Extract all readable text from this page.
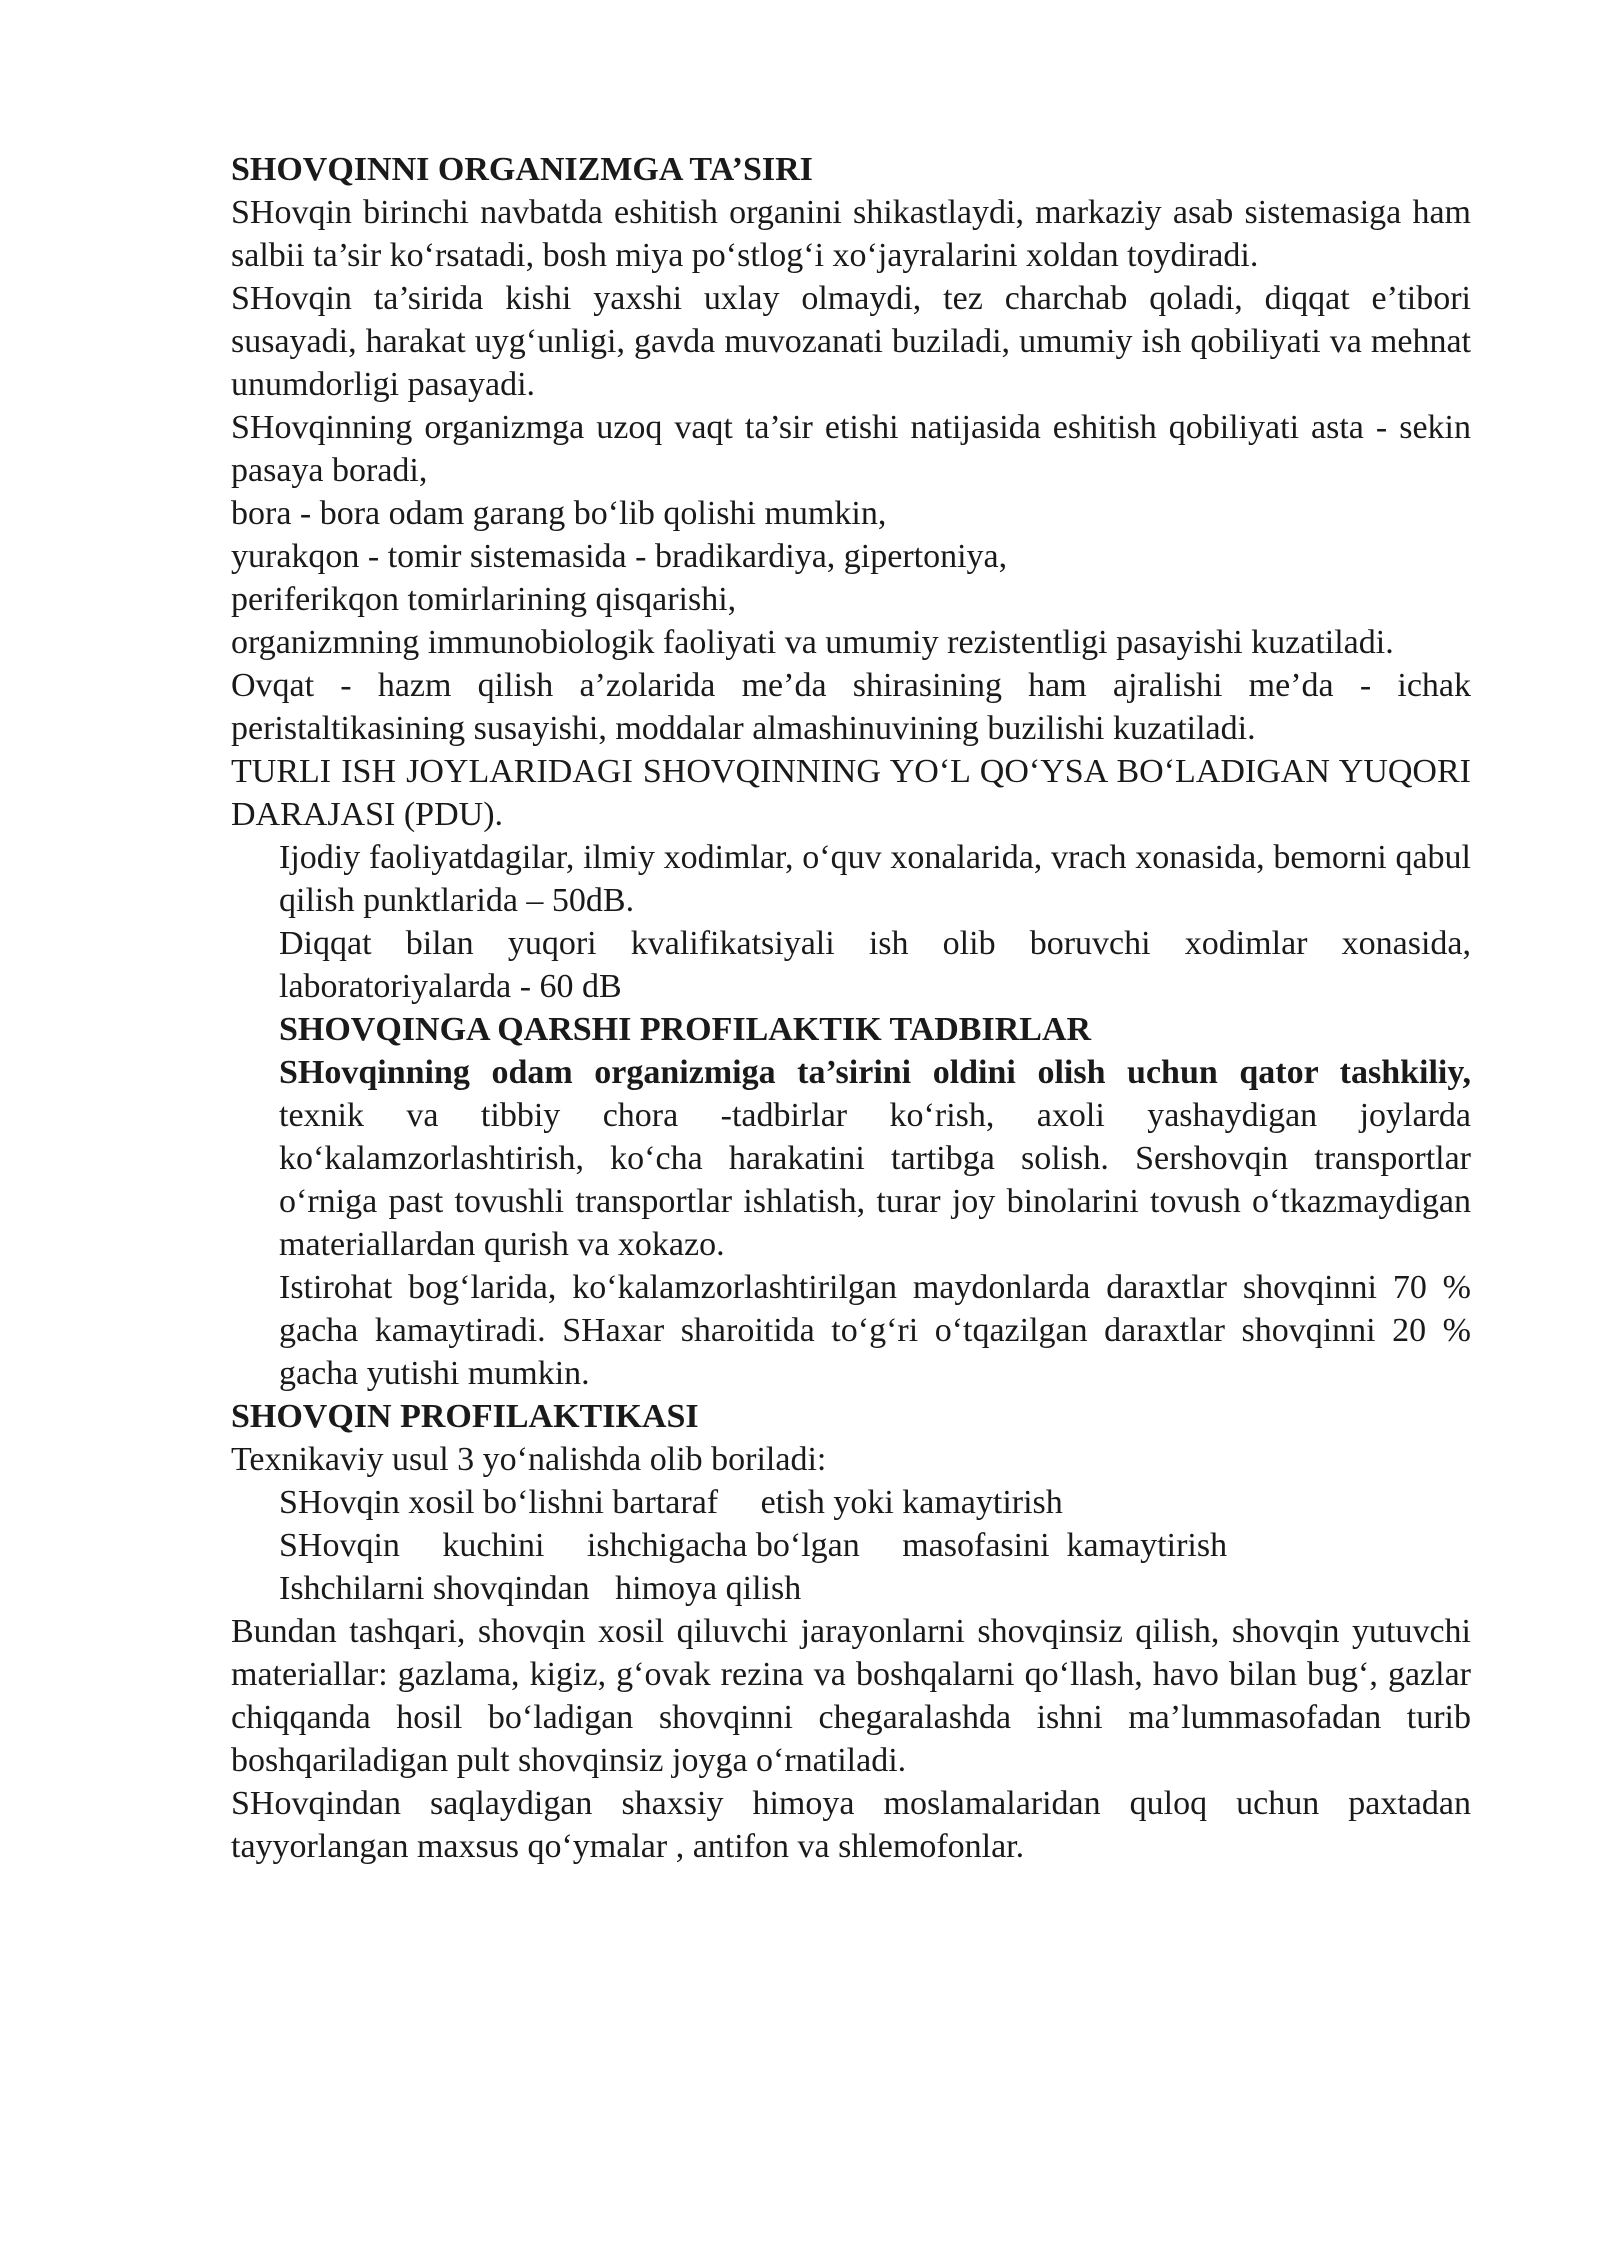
SHOVQINNI ORGANIZMGA TA’SIRI

SHovqin birinchi navbatda eshitish organini shikastlaydi, markaziy asab sistemasiga ham salbii ta’sir ko‘rsatadi, bosh miya po‘stlog‘i xo‘jayralarini xoldan toydiradi.

SHovqin ta’sirida kishi yaxshi uxlay olmaydi, tez charchab qoladi, diqqat e’tibori susayadi, harakat uyg‘unligi, gavda muvozanati buziladi, umumiy ish qobiliyati va mehnat unumdorligi pasayadi.

SHovqinning organizmga uzoq vaqt ta’sir etishi natijasida eshitish qobiliyati asta - sekin pasaya boradi,

bora - bora odam garang bo‘lib qolishi mumkin,

yurakqon - tomir sistemasida - bradikardiya, gipertoniya,

periferikqon tomirlarining qisqarishi,

organizmning immunobiologik faoliyati va umumiy rezistentligi pasayishi kuzatiladi.

Ovqat - hazm qilish a’zolarida me’da shirasining ham ajralishi me’da - ichak peristaltikasining susayishi, moddalar almashinuvining buzilishi kuzatiladi.

TURLI ISH JOYLARIDAGI SHOVQINNING YO‘L QO‘YSA BO‘LADIGAN YUQORI DARAJASI (PDU).

Ijodiy faoliyatdagilar, ilmiy xodimlar, o‘quv xonalarida, vrach xonasida, bemorni qabul qilish punktlarida – 50dB.

Diqqat bilan yuqori kvalifikatsiyali ish olib boruvchi xodimlar xonasida, laboratoriyalarda - 60 dB

SHOVQINGA QARSHI PROFILAKTIK TADBIRLAR

SHovqinning odam organizmiga ta’sirini oldini olish uchun qator tashkiliy,

texnik va tibbiy chora -tadbirlar ko‘rish, axoli yashaydigan joylarda ko‘kalamzorlashtirish, ko‘cha harakatini tartibga solish. Sershovqin transportlar o‘rniga past tovushli transportlar ishlatish, turar joy binolarini tovush o‘tkazmaydigan materiallardan qurish va xokazo.

Istirohat bog‘larida, ko‘kalamzorlashtirilgan maydonlarda daraxtlar shovqinni 70 % gacha kamaytiradi. SHaxar sharoitida to‘g‘ri o‘tqazilgan daraxtlar shovqinni 20 % gacha yutishi mumkin.

SHOVQIN PROFILAKTIKASI

Texnikaviy usul 3 yo‘nalishda olib boriladi:

SHovqin xosil bo‘lishni bartaraf     etish yoki kamaytirish

SHovqin     kuchini     ishchigacha bo‘lgan     masofasini  kamaytirish

Ishchilarni shovqindan   himoya qilish

Bundan tashqari, shovqin xosil qiluvchi jarayonlarni shovqinsiz qilish, shovqin yutuvchi materiallar: gazlama, kigiz, g‘ovak rezina va boshqalarni qo‘llash, havo bilan bug‘, gazlar chiqqanda hosil bo‘ladigan shovqinni chegaralashda ishni ma’lummasofadan turib boshqariladigan pult shovqinsiz joyga o‘rnatiladi.

SHovqindan saqlaydigan shaxsiy himoya moslamalaridan quloq uchun paxtadan tayyorlangan maxsus qo‘ymalar , antifon va shlemofonlar.
